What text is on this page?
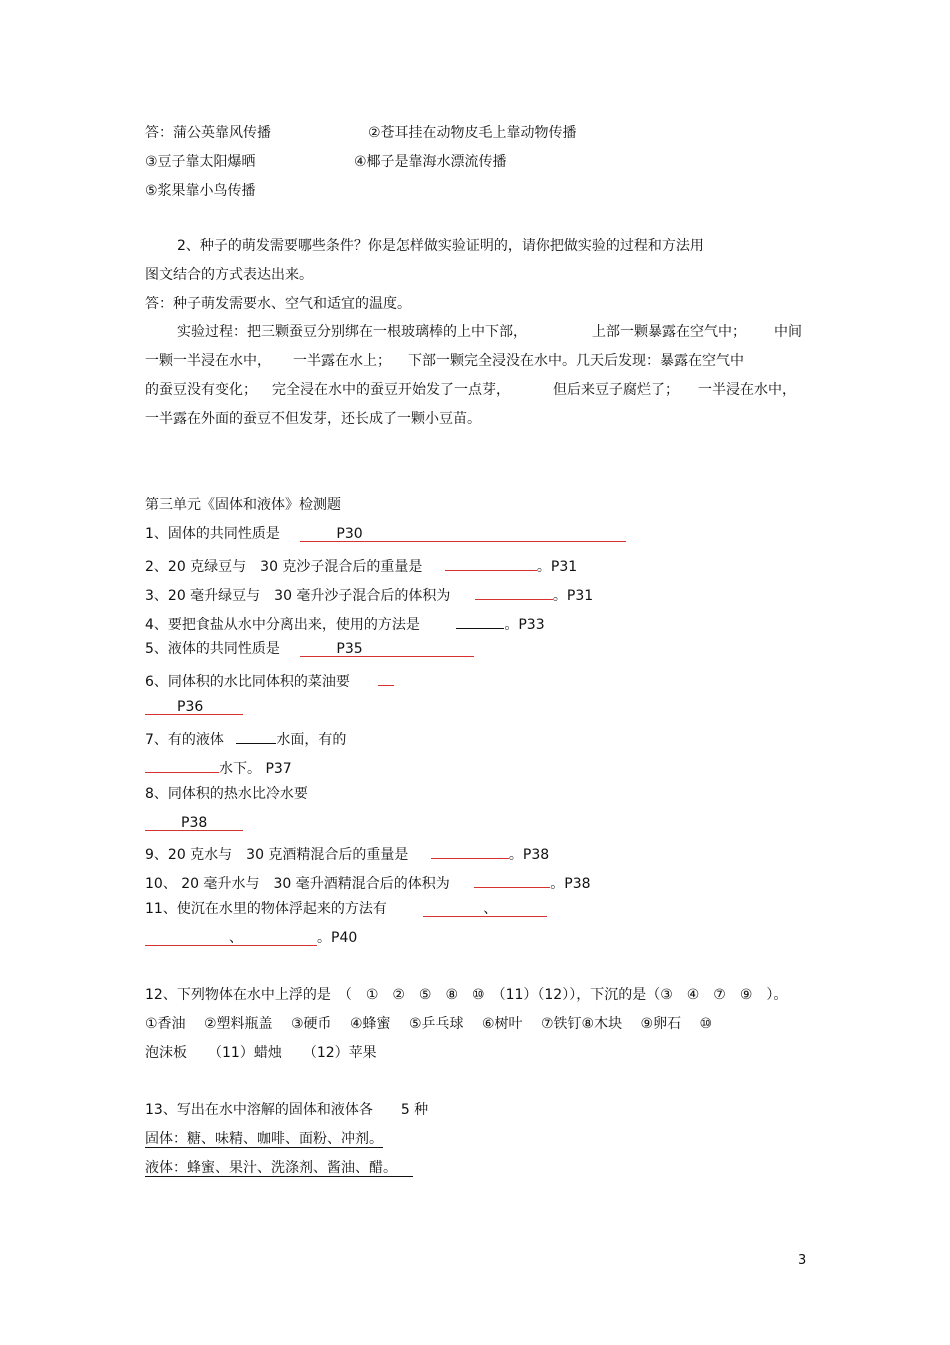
答：蒲公英靠风传播	②苍耳挂在动物皮毛上靠动物传播
③豆子靠太阳爆晒	④椰子是靠海水漂流传播
⑤浆果靠小鸟传播
2、种子的萌发需要哪些条件？你是怎样做实验证明的，请你把做实验的过程和方法用
图文结合的方式表达出来。
答：种子萌发需要水、空气和适宜的温度。
实验过程：把三颗蚕豆分别绑在一根玻璃棒的上中下部，	上部一颗暴露在空气中； 中间
一颗一半浸在水中， 一半露在水上； 下部一颗完全浸没在水中。几天后发现：暴露在空气中
的蚕豆没有变化； 完全浸在水中的蚕豆开始发了一点芽，	但后来豆子腐烂了； 一半浸在水中，
一半露在外面的蚕豆不但发芽，还长成了一颗小豆苗。
第三单元《固体和液体》检测题
1、固体的共同性质是	P30
2、20 克绿豆与　30 克沙子混合后的重量是	。P31
3、20 毫升绿豆与　30 毫升沙子混合后的体积为	。P31
4、要把食盐从水中分离出来，使用的方法是	。P33
5、液体的共同性质是	P35
6、同体积的水比同体积的菜油要
P36
7、有的液体	水面，有的
水下。 P37
8、同体积的热水比冷水要
P38
9、20 克水与　30 克酒精混合后的重量是	。P38
10、 20 毫升水与　30 毫升酒精混合后的体积为	。P38
11、使沉在水里的物体浮起来的方法有	、
、	。P40
12、下列物体在水中上浮的是　（　①　②　⑤　⑧　⑩　（11）（12）），下沉的是（③　④　⑦　⑨　）。
①香油　 ②塑料瓶盖　 ③硬币　 ④蜂蜜　 ⑤乒乓球　 ⑥树叶　 ⑦铁钉⑧木块　 ⑨卵石　 ⑩
泡沫板　　（11）蜡烛　　（12）苹果
13、写出在水中溶解的固体和液体各　　5 种
固体：糖、味精、咖啡、面粉、冲剂。
液体：蜂蜜、果汁、洗涤剂、酱油、醋。
3
